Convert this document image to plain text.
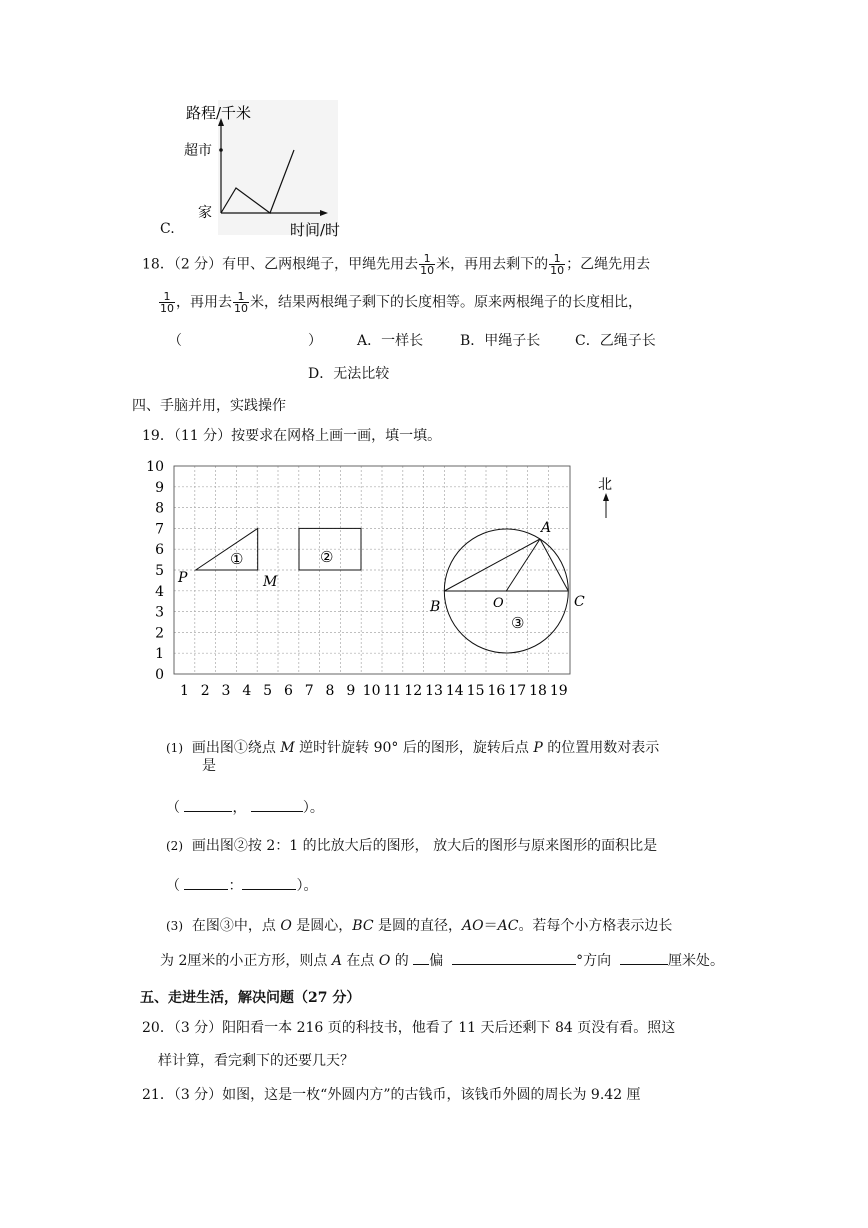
C.
路程/千米
超市
家
时间/时
18．（2 分）有甲、乙两根绳子，甲绳先用去 $\frac{1}{10}$ 米，再用去剩下的 $\frac{1}{10}$ ；乙绳先用去
$\frac{1}{10}$ ，再用去 $\frac{1}{10}$ 米，结果两根绳子剩下的长度相等。原来两根绳子的长度相比，
（	）	A．一样长	B．甲绳子长 C．乙绳子长
D．无法比较
四、手脑并用，实践操作
19．（11 分）按要求在网格上画一画，填一填。
0
1
2
3
4
5
6
7
8
9
10
1 2 3 4 5 6 7 8 9 10 11 12 13 14 15 16 17 18 19
①
P	M
②
A
B	C
O
③
北
(1) 画出图①绕点 M 逆时针旋转 90° 后的图形，旋转后点 P 的位置用数对表示
是
（	，	）。
(2) 画出图②按 2：1 的比放大后的图形， 放大后的图形与原来图形的面积比是
（	：	）。
(3) 在图③中，点 O 是圆心，BC 是圆的直径，AO＝AC。若每个小方格表示边长
为 2厘米的小正方形，则点 A 在点 O 的 偏	°方向	厘米处。
五、走进生活，解决问题（27 分）
20．（3 分）阳阳看一本 216 页的科技书，他看了 11 天后还剩下 84 页没有看。照这
样计算，看完剩下的还要几天？
21．（3 分）如图，这是一枚“外圆内方”的古钱币，该钱币外圆的周长为 9.42 厘
